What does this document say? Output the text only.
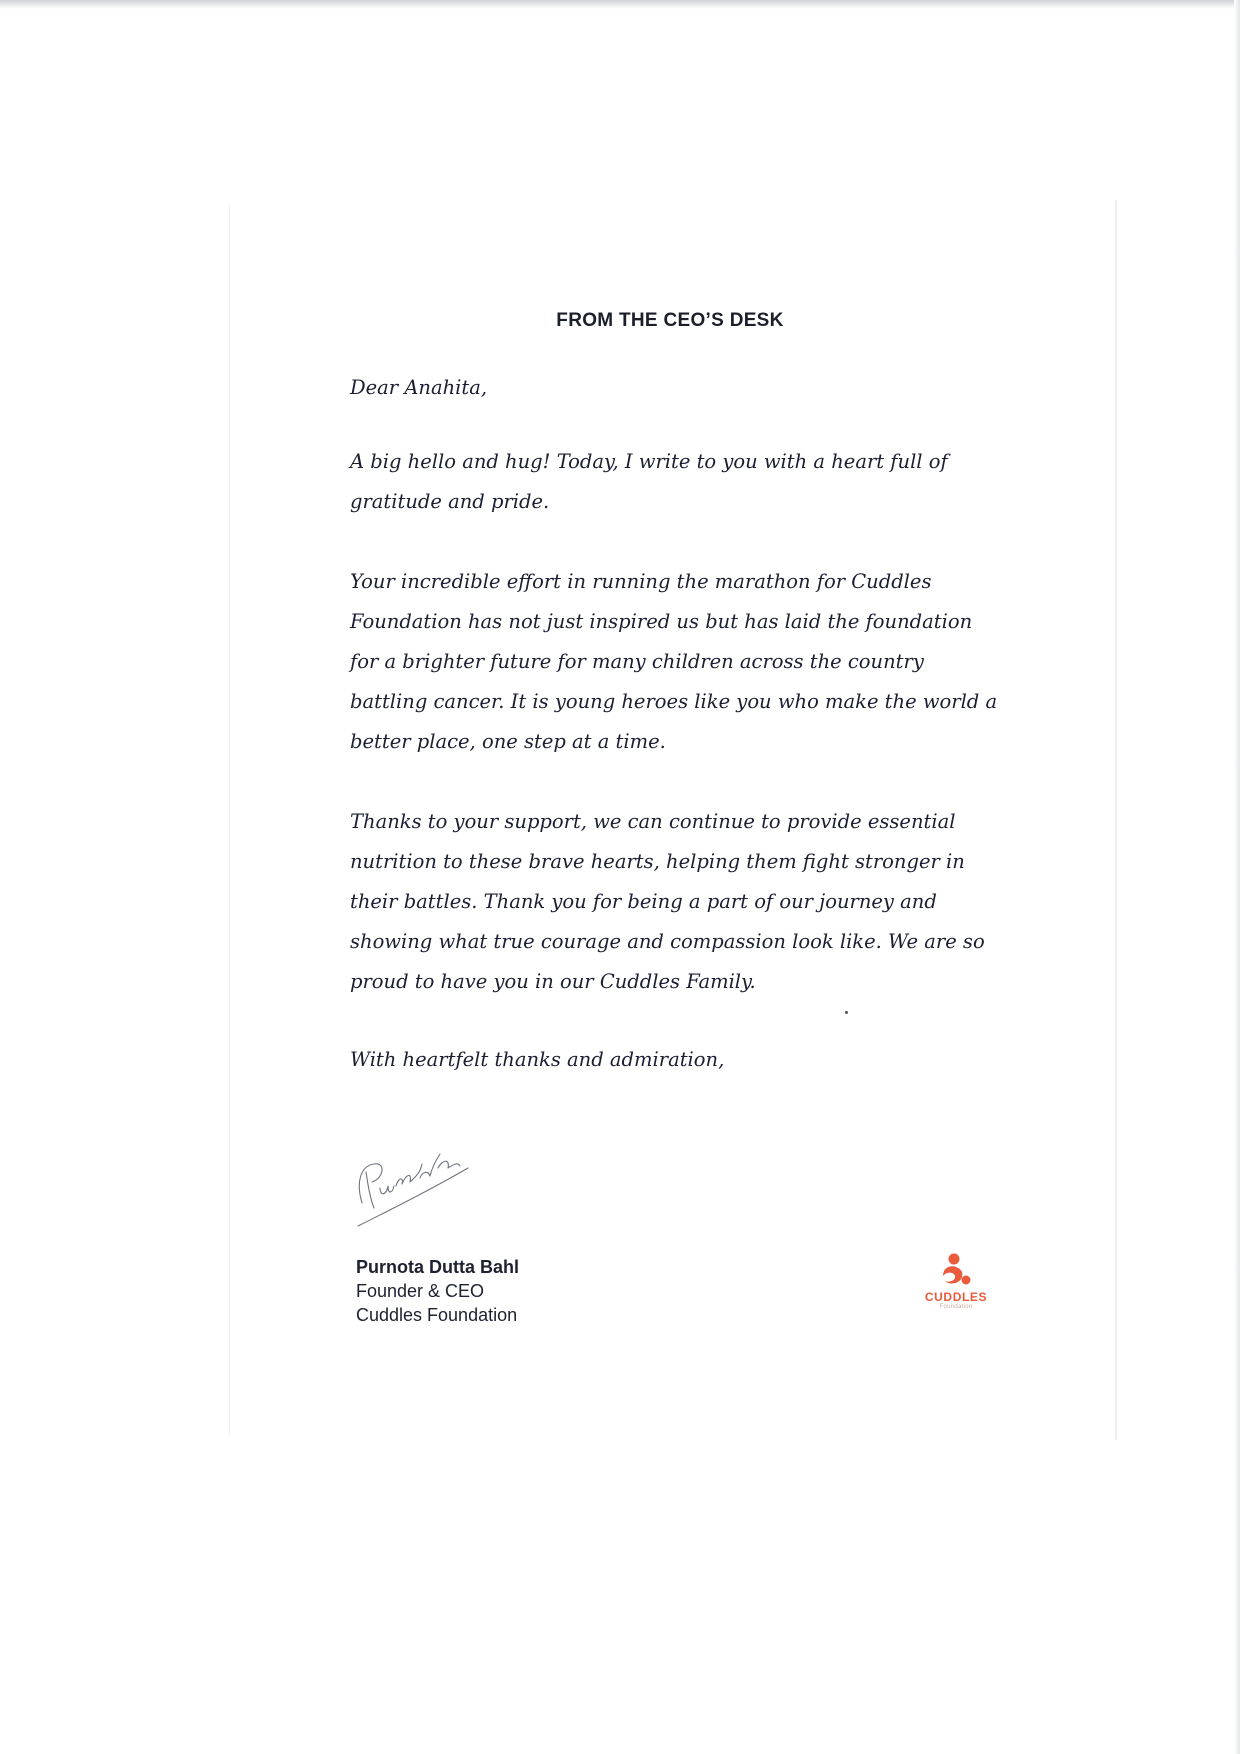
FROM THE CEO’S DESK

Dear Anahita,

A big hello and hug! Today, I write to you with a heart full of gratitude and pride.

Your incredible effort in running the marathon for Cuddles Foundation has not just inspired us but has laid the foundation for a brighter future for many children across the country battling cancer. It is young heroes like you who make the world a better place, one step at a time.

Thanks to your support, we can continue to provide essential nutrition to these brave hearts, helping them fight stronger in their battles. Thank you for being a part of our journey and showing what true courage and compassion look like. We are so proud to have you in our Cuddles Family.

With heartfelt thanks and admiration,

Purnota Dutta Bahl
Founder & CEO
Cuddles Foundation
CUDDLES
Foundation
